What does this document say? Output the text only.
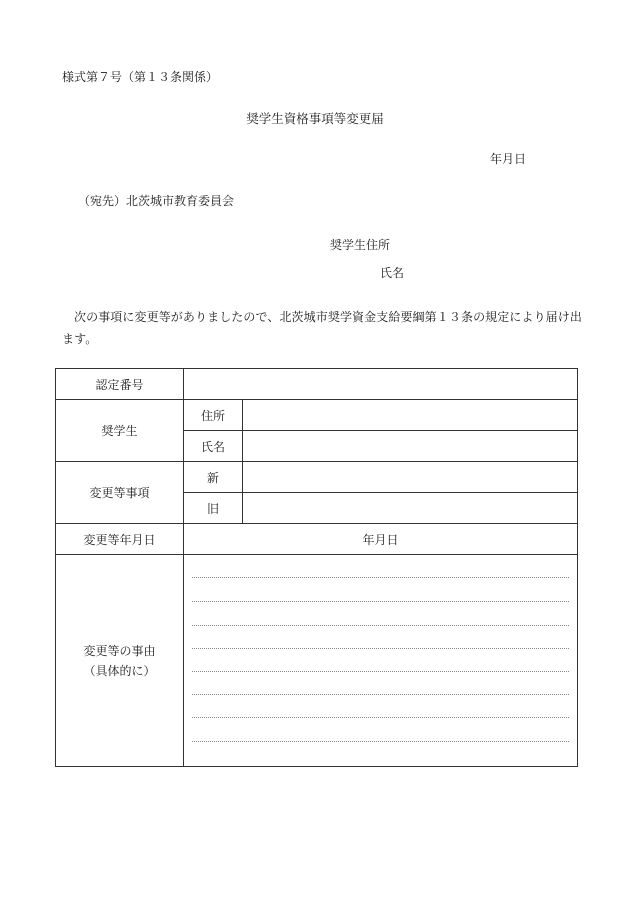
様式第７号（第１３条関係）
奨学生資格事項等変更届
年月日
（宛先）北茨城市教育委員会
奨学生住所
氏名
次の事項に変更等がありましたので、北茨城市奨学資金支給要綱第１３条の規定により届け出ます。
認定番号		
奨学生	住所	
	氏名	
変更等事項	新	
	旧	
変更等年月日	年月日	

変更等の事由
（具体的に）		
